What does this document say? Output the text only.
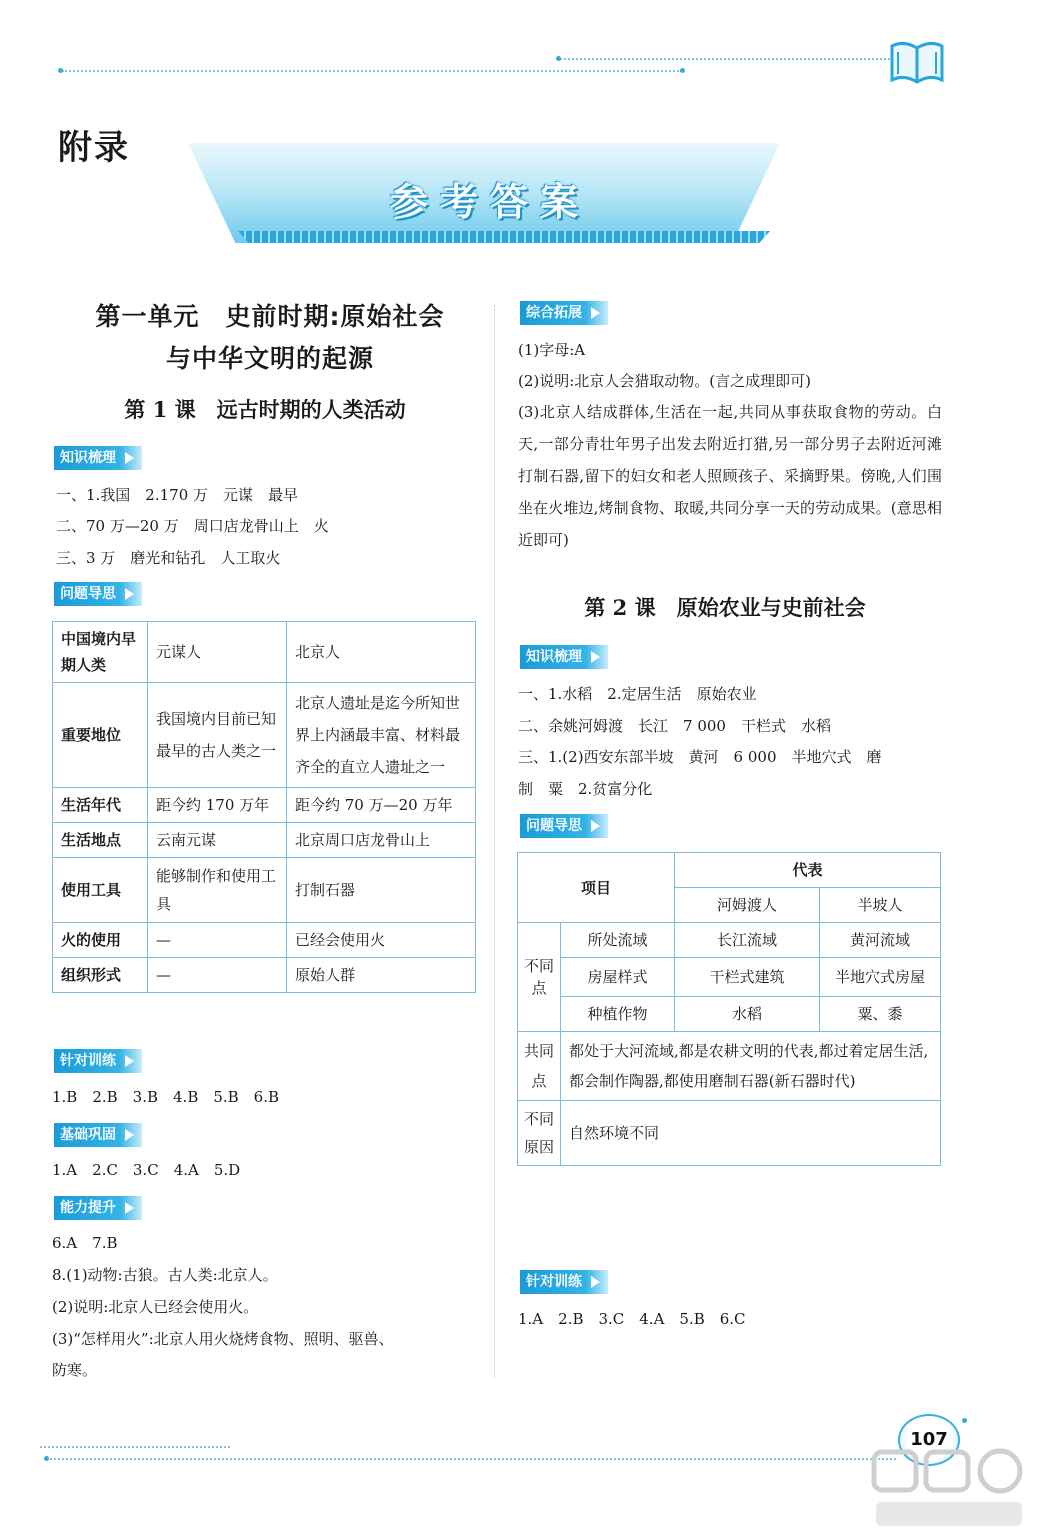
附录
参 考 答 案
第一单元　史前时期:原始社会
与中华文明的起源
第 1 课　远古时期的人类活动
知识梳理
一、1.我国　2.170 万　元谋　最早
二、70 万—20 万　周口店龙骨山上　火
三、3 万　磨光和钻孔　人工取火
问题导思
中国境内早期人类	元谋人	北京人
重要地位	我国境内目前已知最早的古人类之一	北京人遗址是迄今所知世界上内涵最丰富、材料最齐全的直立人遗址之一
生活年代	距今约 170 万年	距今约 70 万—20 万年
生活地点	云南元谋	北京周口店龙骨山上
使用工具	能够制作和使用工具	打制石器
火的使用	—	已经会使用火
组织形式	—	原始人群
针对训练
1.B　2.B　3.B　4.B　5.B　6.B
基础巩固
1.A　2.C　3.C　4.A　5.D
能力提升
6.A　7.B
8.(1)动物:古狼。古人类:北京人。
(2)说明:北京人已经会使用火。
(3)“怎样用火”:北京人用火烧烤食物、照明、驱兽、
防寒。
综合拓展
(1)字母:A
(2)说明:北京人会猎取动物。(言之成理即可)
(3)北京人结成群体,生活在一起,共同从事获取食物的劳动。白天,一部分青壮年男子出发去附近打猎,另一部分男子去附近河滩打制石器,留下的妇女和老人照顾孩子、采摘野果。傍晚,人们围坐在火堆边,烤制食物、取暖,共同分享一天的劳动成果。(意思相近即可)
第 2 课　原始农业与史前社会
知识梳理
一、1.水稻　2.定居生活　原始农业
二、余姚河姆渡　长江　7 000　干栏式　水稻
三、1.(2)西安东部半坡　黄河　6 000　半地穴式　磨
制　粟　2.贫富分化
问题导思
项目		代表	
		河姆渡人	半坡人
不同点	所处流域	长江流域	黄河流域
	房屋样式	干栏式建筑	半地穴式房屋
	种植作物	水稻	粟、黍
共同点	都处于大河流域,都是农耕文明的代表,都过着定居生活,都会制作陶器,都使用磨制石器(新石器时代)		
不同原因	自然环境不同		
针对训练
1.A　2.B　3.C　4.A　5.B　6.C
107
